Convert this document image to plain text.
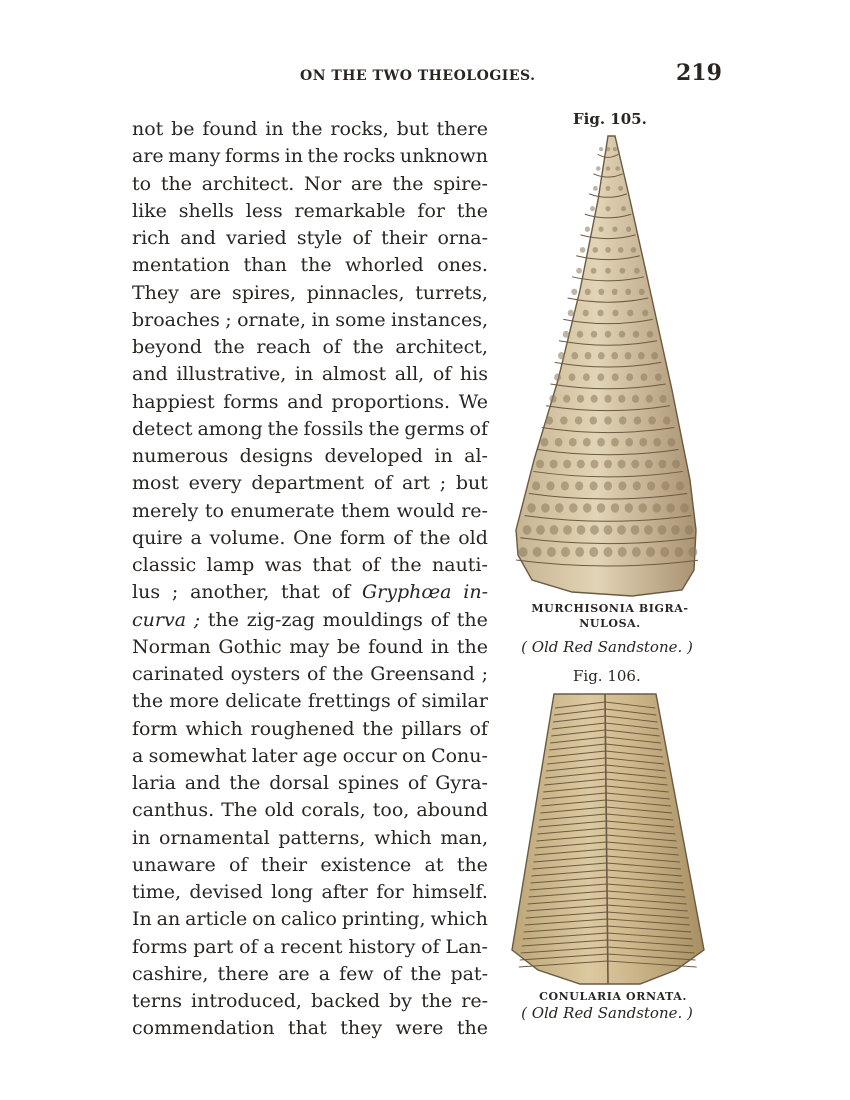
ON THE TWO THEOLOGIES.	219
not be found in the rocks, but there
are many forms in the rocks unknown
to the architect. Nor are the spire-
like shells less remarkable for the
rich and varied style of their orna-
mentation than the whorled ones.
They are spires, pinnacles, turrets,
broaches ; ornate, in some instances,
beyond the reach of the architect,
and illustrative, in almost all, of his
happiest forms and proportions. We
detect among the fossils the germs of
numerous designs developed in al-
most every department of art ; but
merely to enumerate them would re-
quire a volume. One form of the old
classic lamp was that of the nauti-
lus ; another, that of Gryphœa in-
curva ; the zig-zag mouldings of the
Norman Gothic may be found in the
carinated oysters of the Greensand ;
the more delicate frettings of similar
form which roughened the pillars of
a somewhat later age occur on Conu-
laria and the dorsal spines of Gyra-
canthus. The old corals, too, abound
in ornamental patterns, which man,
unaware of their existence at the
time, devised long after for himself.
In an article on calico printing, which
forms part of a recent history of Lan-
cashire, there are a few of the pat-
terns introduced, backed by the re-
commendation that they were the
Fig. 105.
MURCHISONIA BIGRA-
NULOSA.
( Old Red Sandstone. )
Fig. 106.
CONULARIA ORNATA.
( Old Red Sandstone. )
